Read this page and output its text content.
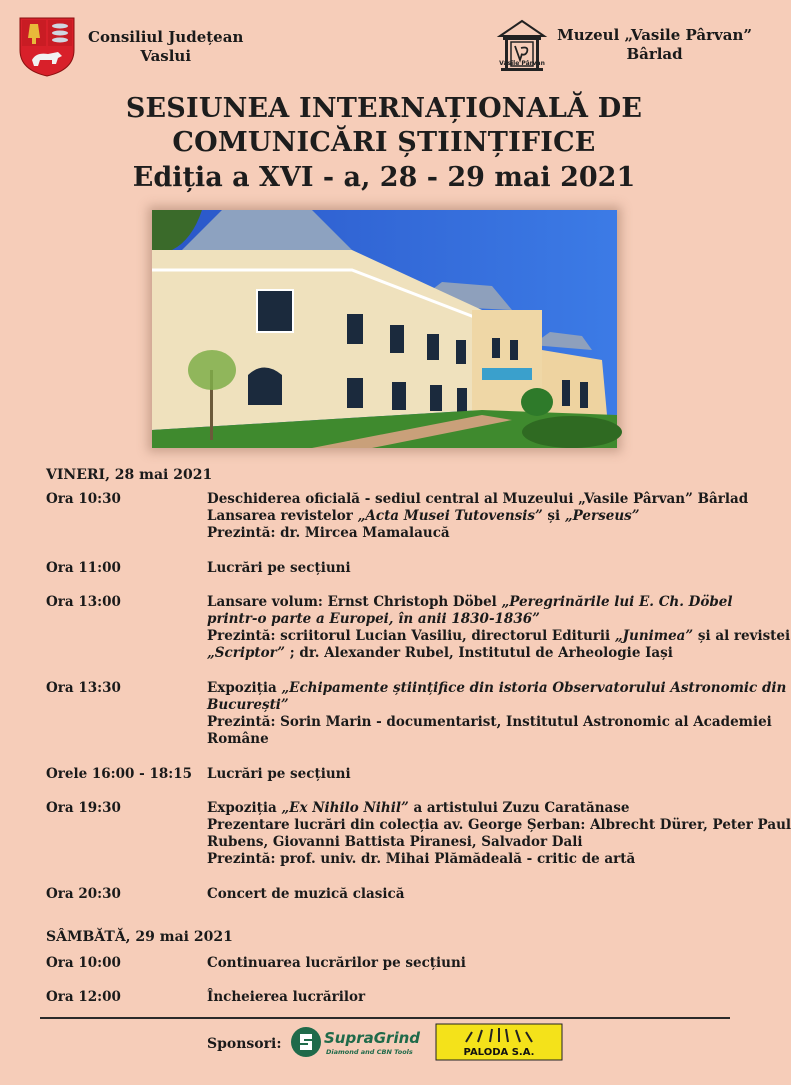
Consiliul Județean
Vaslui	Vasile Pârvan
Muzeul „Vasile Pârvan”
Bârlad
SESIUNEA INTERNAȚIONALĂ DE
COMUNICĂRI ȘTIINȚIFICE
Ediția a XVI - a, 28 - 29 mai 2021
VINERI, 28 mai 2021
Ora 10:30	Deschiderea oficială - sediul central al Muzeului „Vasile Pârvan” Bârlad
Lansarea revistelor „Acta Musei Tutovensis” și „Perseus”
Prezintă: dr. Mircea Mamalaucă
Ora 11:00	Lucrări pe secțiuni
Ora 13:00	Lansare volum: Ernst Christoph Döbel „Peregrinările lui E. Ch. Döbel
printr-o parte a Europei, în anii 1830-1836”
Prezintă: scriitorul Lucian Vasiliu, directorul Editurii „Junimea” și al revistei
„Scriptor” ; dr. Alexander Rubel, Institutul de Arheologie Iași
Ora 13:30	Expoziția „Echipamente științifice din istoria Observatorului Astronomic din
București”
Prezintă: Sorin Marin - documentarist, Institutul Astronomic al Academiei
Române
Orele 16:00 - 18:15 Lucrări pe secțiuni
Ora 19:30	Expoziția „Ex Nihilo Nihil” a artistului Zuzu Caratănase
Prezentare lucrări din colecția av. George Șerban: Albrecht Dürer, Peter Paul
Rubens, Giovanni Battista Piranesi, Salvador Dali
Prezintă: prof. univ. dr. Mihai Plămădeală - critic de artă
Ora 20:30	Concert de muzică clasică
SÂMBĂTĂ, 29 mai 2021
Ora 10:00	Continuarea lucrărilor pe secțiuni
Ora 12:00	Încheierea lucrărilor
Sponsori:	SupraGrind
Diamond and CBN Tools	PALODA S.A.
